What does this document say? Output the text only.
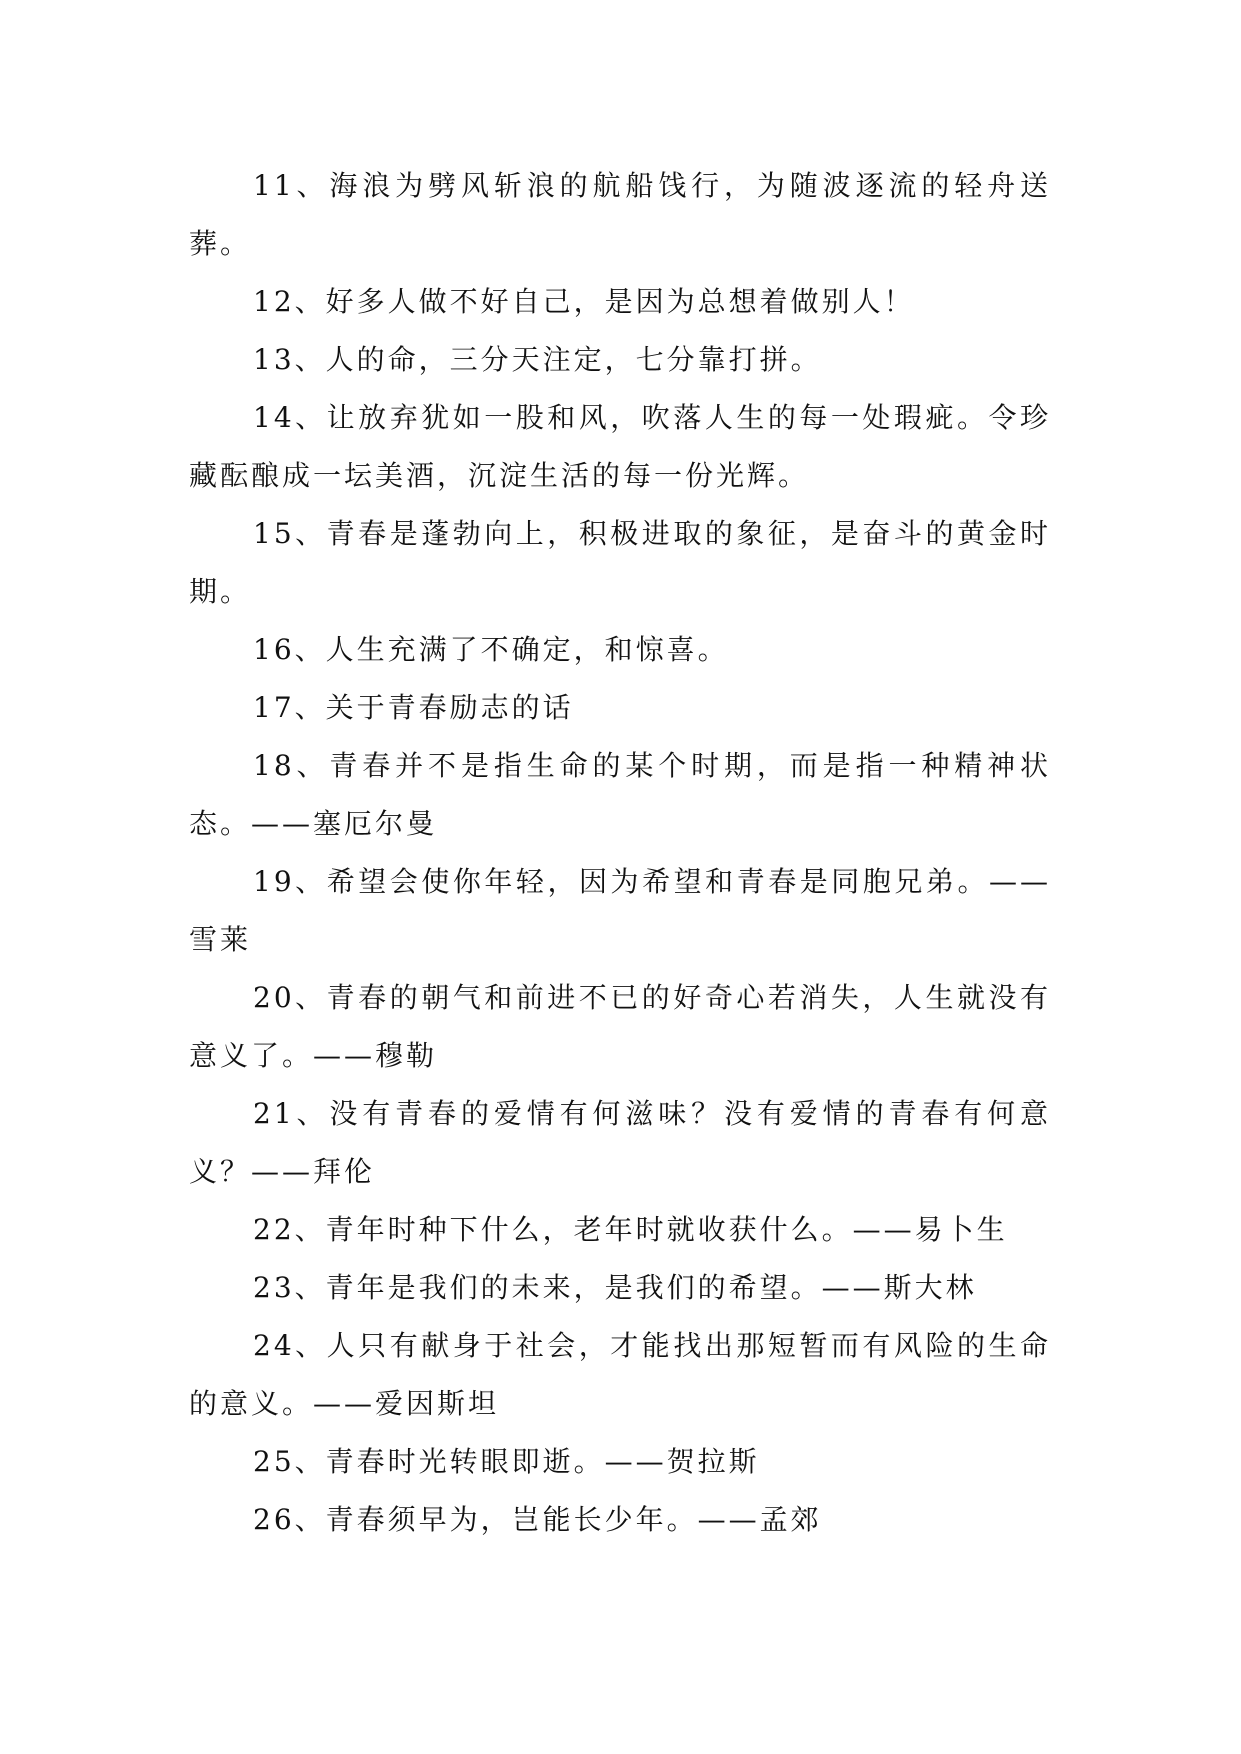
11、海浪为劈风斩浪的航船饯行，为随波逐流的轻舟送葬。

12、好多人做不好自己，是因为总想着做别人！

13、人的命，三分天注定，七分靠打拼。

14、让放弃犹如一股和风，吹落人生的每一处瑕疵。令珍藏酝酿成一坛美酒，沉淀生活的每一份光辉。

15、青春是蓬勃向上，积极进取的象征，是奋斗的黄金时期。

16、人生充满了不确定，和惊喜。

17、关于青春励志的话

18、青春并不是指生命的某个时期，而是指一种精神状态。——塞厄尔曼

19、希望会使你年轻，因为希望和青春是同胞兄弟。——雪莱

20、青春的朝气和前进不已的好奇心若消失，人生就没有意义了。——穆勒

21、没有青春的爱情有何滋味？没有爱情的青春有何意义？——拜伦

22、青年时种下什么，老年时就收获什么。——易卜生

23、青年是我们的未来，是我们的希望。——斯大林

24、人只有献身于社会，才能找出那短暂而有风险的生命的意义。——爱因斯坦

25、青春时光转眼即逝。——贺拉斯

26、青春须早为，岂能长少年。——孟郊
